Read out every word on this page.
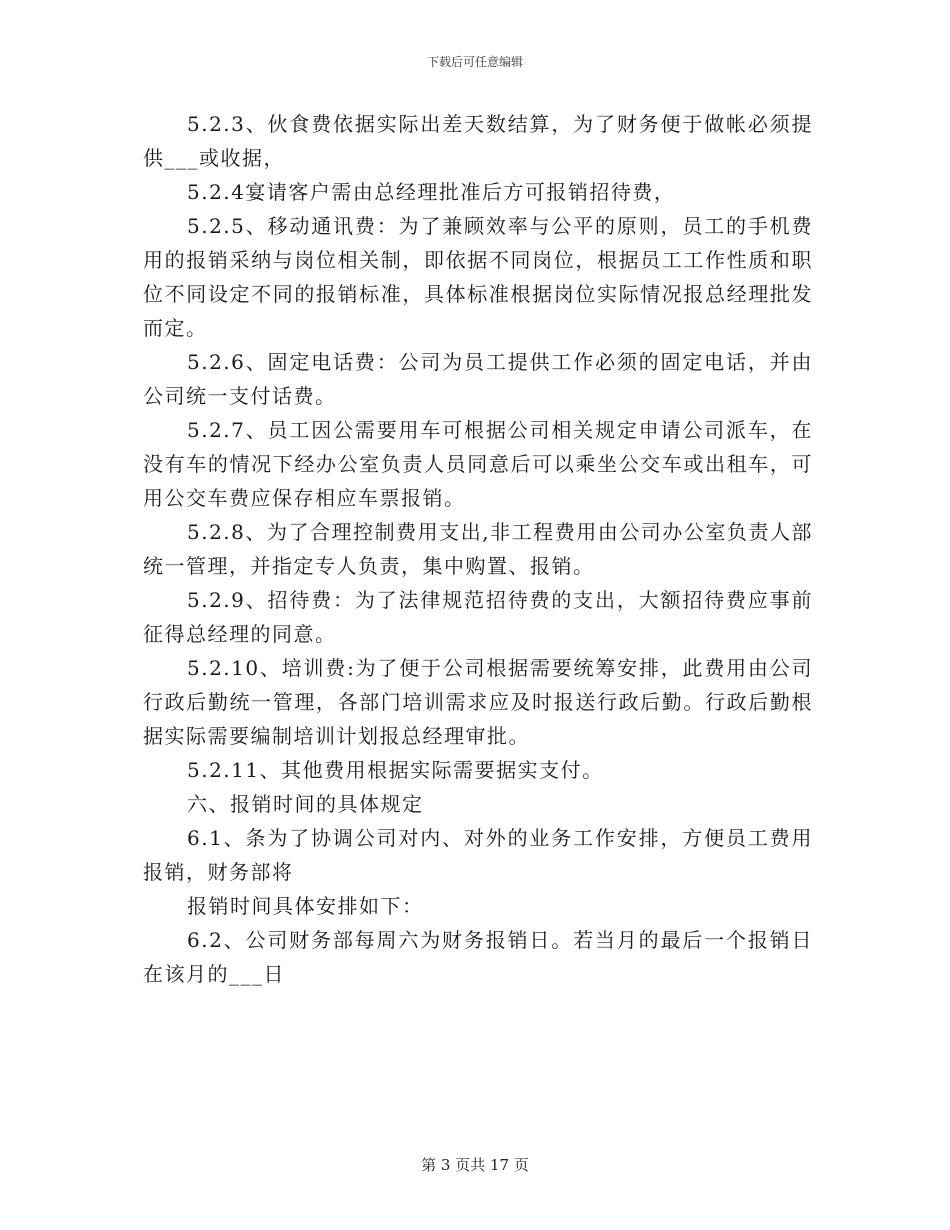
下载后可任意编辑

5.2.3、伙食费依据实际出差天数结算，为了财务便于做帐必须提供___或收据，

5.2.4宴请客户需由总经理批准后方可报销招待费，

5.2.5、移动通讯费：为了兼顾效率与公平的原则，员工的手机费用的报销采纳与岗位相关制，即依据不同岗位，根据员工工作性质和职位不同设定不同的报销标准，具体标准根据岗位实际情况报总经理批发而定。

5.2.6、固定电话费：公司为员工提供工作必须的固定电话，并由公司统一支付话费。

5.2.7、员工因公需要用车可根据公司相关规定申请公司派车，在没有车的情况下经办公室负责人员同意后可以乘坐公交车或出租车，可用公交车费应保存相应车票报销。

5.2.8、为了合理控制费用支出,非工程费用由公司办公室负责人部统一管理，并指定专人负责，集中购置、报销。

5.2.9、招待费：为了法律规范招待费的支出，大额招待费应事前征得总经理的同意。

5.2.10、培训费:为了便于公司根据需要统筹安排，此费用由公司行政后勤统一管理，各部门培训需求应及时报送行政后勤。行政后勤根据实际需要编制培训计划报总经理审批。

5.2.11、其他费用根据实际需要据实支付。

六、报销时间的具体规定

6.1、条为了协调公司对内、对外的业务工作安排，方便员工费用报销，财务部将

报销时间具体安排如下：

6.2、公司财务部每周六为财务报销日。若当月的最后一个报销日在该月的___日

第 3 页共 17 页
